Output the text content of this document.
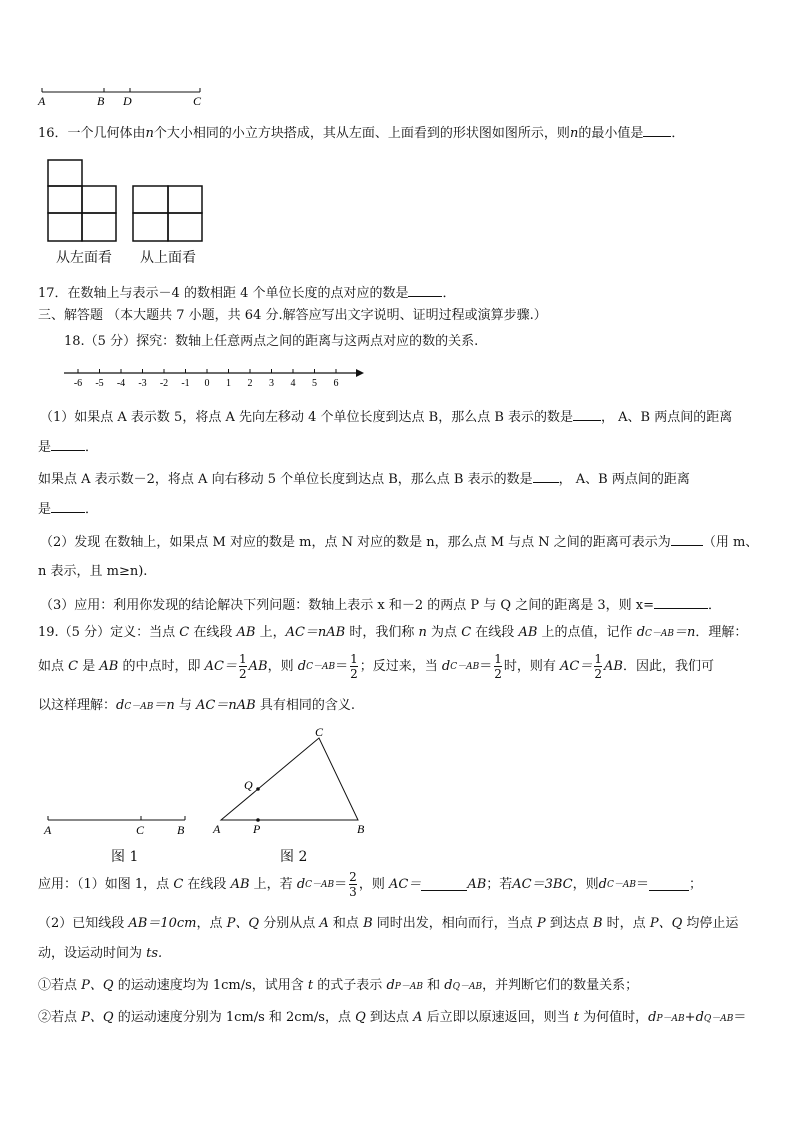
A	B D	C
16．一个几何体由n个大小相同的小立方块搭成，其从左面、上面看到的形状图如图所示，则n的最小值是 ．
从左面看 从上面看
17．在数轴上与表示－4 的数相距 4 个单位长度的点对应的数是	．
三、解答题 （本大题共 7 小题，共 64 分.解答应写出文字说明、证明过程或演算步骤.）
18.（5 分）探究：数轴上任意两点之间的距离与这两点对应的数的关系.
-6 -5 -4 -3 -2 -1 0 1 2 3 4 5 6
（1）如果点 A 表示数 5，将点 A 先向左移动 4 个单位长度到达点 B，那么点 B 表示的数是 ， A、B 两点间的距离
是	．
如果点 A 表示数－2，将点 A 向右移动 5 个单位长度到达点 B，那么点 B 表示的数是 ， A、B 两点间的距离
是	．
（2）发现 在数轴上，如果点 M 对应的数是 m，点 N 对应的数是 n，那么点 M 与点 N 之间的距离可表示为 （用 m、
n 表示，且 m≥n).
（3）应用：利用你发现的结论解决下列问题：数轴上表示 x 和－2 的两点 P 与 Q 之间的距离是 3，则 x=	．
19.（5 分）定义：当点 C 在线段 AB 上，AC＝nAB 时，我们称 n 为点 C 在线段 AB 上的点值，记作 dC－AB＝n．理解：
如点
C
是
AB
的中点时，即
$AC= \frac{1}{2}$ AB ，则
d $C-AB = \frac{1}{2}$ ；反过来，当
d $C-AB = \frac{1}{2}$ 时，则有
$AC= \frac{1}{2}$ AB ．因此，我们可
以这样理解：dC－AB＝n 与 AC＝nAB 具有相同的含义.
A	C	B
图 1
A	P	B
C
Q
图 2
应用：（1）如图 1，点
C
在线段
AB
上，若
d $C-AB = \frac{2}{3}$ ，则
AC＝	AB ；若 AC＝3BC ，则 d C－AB ＝	；
（2）已知线段 AB＝10cm，点 P、Q 分别从点 A 和点 B 同时出发，相向而行，当点 P 到达点 B 时，点 P、Q 均停止运
动，设运动时间为 ts.
①若点 P、Q 的运动速度均为 1cm/s，试用含 t 的式子表示 dP－AB 和 dQ－AB，并判断它们的数量关系；
②若点 P、Q 的运动速度分别为 1cm/s 和 2cm/s，点 Q 到达点 A 后立即以原速返回，则当 t 为何值时，dP－AB+dQ－AB＝
